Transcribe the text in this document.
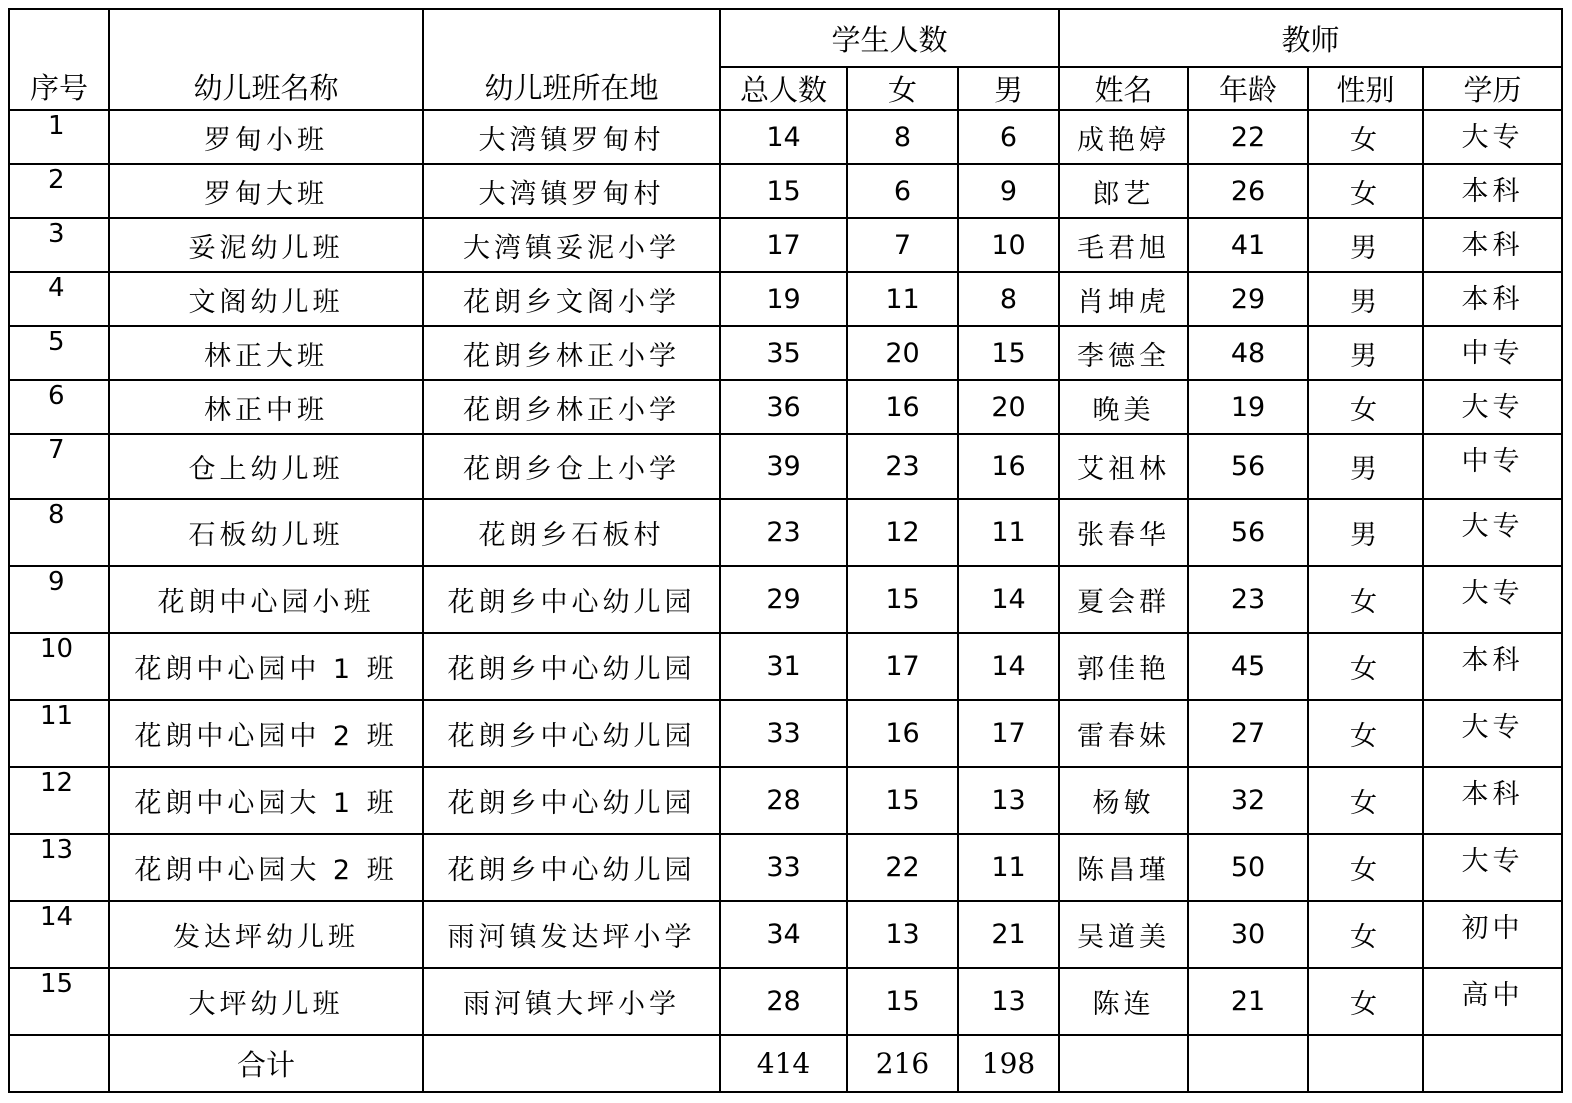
序号	幼儿班名称	幼儿班所在地	学生人数			教师			
			总人数	女	男	姓名	年龄	性别	学历
1	罗甸小班	大湾镇罗甸村	14	8	6	成艳婷	22	女	大专
2	罗甸大班	大湾镇罗甸村	15	6	9	郎艺	26	女	本科
3	妥泥幼儿班	大湾镇妥泥小学	17	7	10	毛君旭	41	男	本科
4	文阁幼儿班	花朗乡文阁小学	19	11	8	肖坤虎	29	男	本科
5	林正大班	花朗乡林正小学	35	20	15	李德全	48	男	中专
6	林正中班	花朗乡林正小学	36	16	20	晚美	19	女	大专
7	仓上幼儿班	花朗乡仓上小学	39	23	16	艾祖林	56	男	中专
8	石板幼儿班	花朗乡石板村	23	12	11	张春华	56	男	大专
9	花朗中心园小班	花朗乡中心幼儿园	29	15	14	夏会群	23	女	大专
10	花朗中心园中 1 班	花朗乡中心幼儿园	31	17	14	郭佳艳	45	女	本科
11	花朗中心园中 2 班	花朗乡中心幼儿园	33	16	17	雷春妹	27	女	大专
12	花朗中心园大 1 班	花朗乡中心幼儿园	28	15	13	杨敏	32	女	本科
13	花朗中心园大 2 班	花朗乡中心幼儿园	33	22	11	陈昌瑾	50	女	大专
14	发达坪幼儿班	雨河镇发达坪小学	34	13	21	吴道美	30	女	初中
15	大坪幼儿班	雨河镇大坪小学	28	15	13	陈连	21	女	高中
	合计		414	216	198				
